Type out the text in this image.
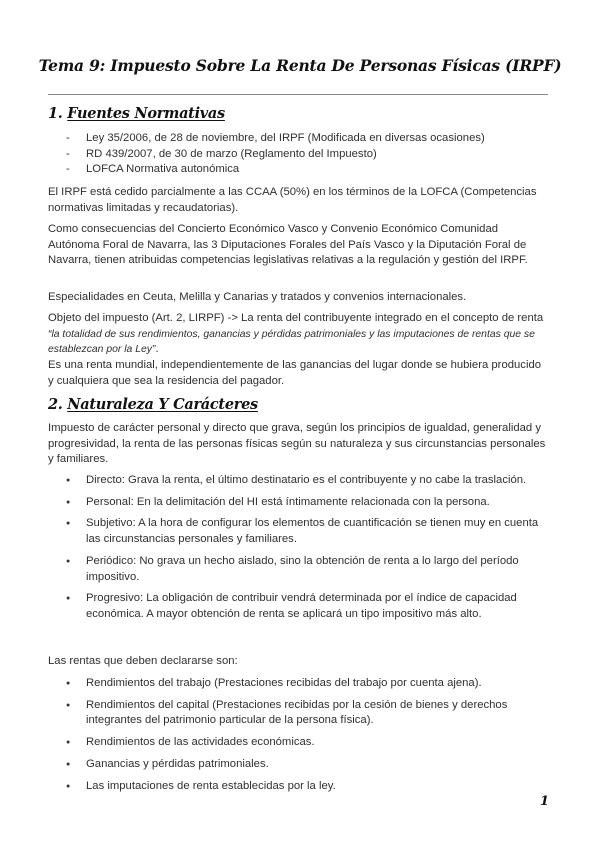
Tema 9: Impuesto Sobre La Renta De Personas Físicas (IRPF)
1. Fuentes Normativas
- Ley 35/2006, de 28 de noviembre, del IRPF (Modificada en diversas ocasiones)
- RD 439/2007, de 30 de marzo (Reglamento del Impuesto)
- LOFCA Normativa autonómica

El IRPF está cedido parcialmente a las CCAA (50%) en los términos de la LOFCA (Competencias normativas limitadas y recaudatorias).

Como consecuencias del Concierto Económico Vasco y Convenio Económico Comunidad Autónoma Foral de Navarra, las 3 Diputaciones Forales del País Vasco y la Diputación Foral de Navarra, tienen atribuidas competencias legislativas relativas a la regulación y gestión del IRPF.

Especialidades en Ceuta, Melilla y Canarias y tratados y convenios internacionales.

Objeto del impuesto (Art. 2, LIRPF) -> La renta del contribuyente integrado en el concepto de renta “la totalidad de sus rendimientos, ganancias y pérdidas patrimoniales y las imputaciones de rentas que se establezcan por la Ley”.

Es una renta mundial, independientemente de las ganancias del lugar donde se hubiera producido y cualquiera que sea la residencia del pagador.

2. Naturaleza Y Carácteres

Impuesto de carácter personal y directo que grava, según los principios de igualdad, generalidad y progresividad, la renta de las personas físicas según su naturaleza y sus circunstancias personales y familiares.

● Directo: Grava la renta, el último destinatario es el contribuyente y no cabe la traslación.
● Personal: En la delimitación del HI está íntimamente relacionada con la persona.
● Subjetivo: A la hora de configurar los elementos de cuantificación se tienen muy en cuenta las circunstancias personales y familiares.
● Periódico: No grava un hecho aislado, sino la obtención de renta a lo largo del período impositivo.
● Progresivo: La obligación de contribuir vendrá determinada por el índice de capacidad económica. A mayor obtención de renta se aplicará un tipo impositivo más alto.

Las rentas que deben declararse son:

● Rendimientos del trabajo (Prestaciones recibidas del trabajo por cuenta ajena).
● Rendimientos del capital (Prestaciones recibidas por la cesión de bienes y derechos integrantes del patrimonio particular de la persona física).
● Rendimientos de las actividades económicas.
● Ganancias y pérdidas patrimoniales.
● Las imputaciones de renta establecidas por la ley.
1
